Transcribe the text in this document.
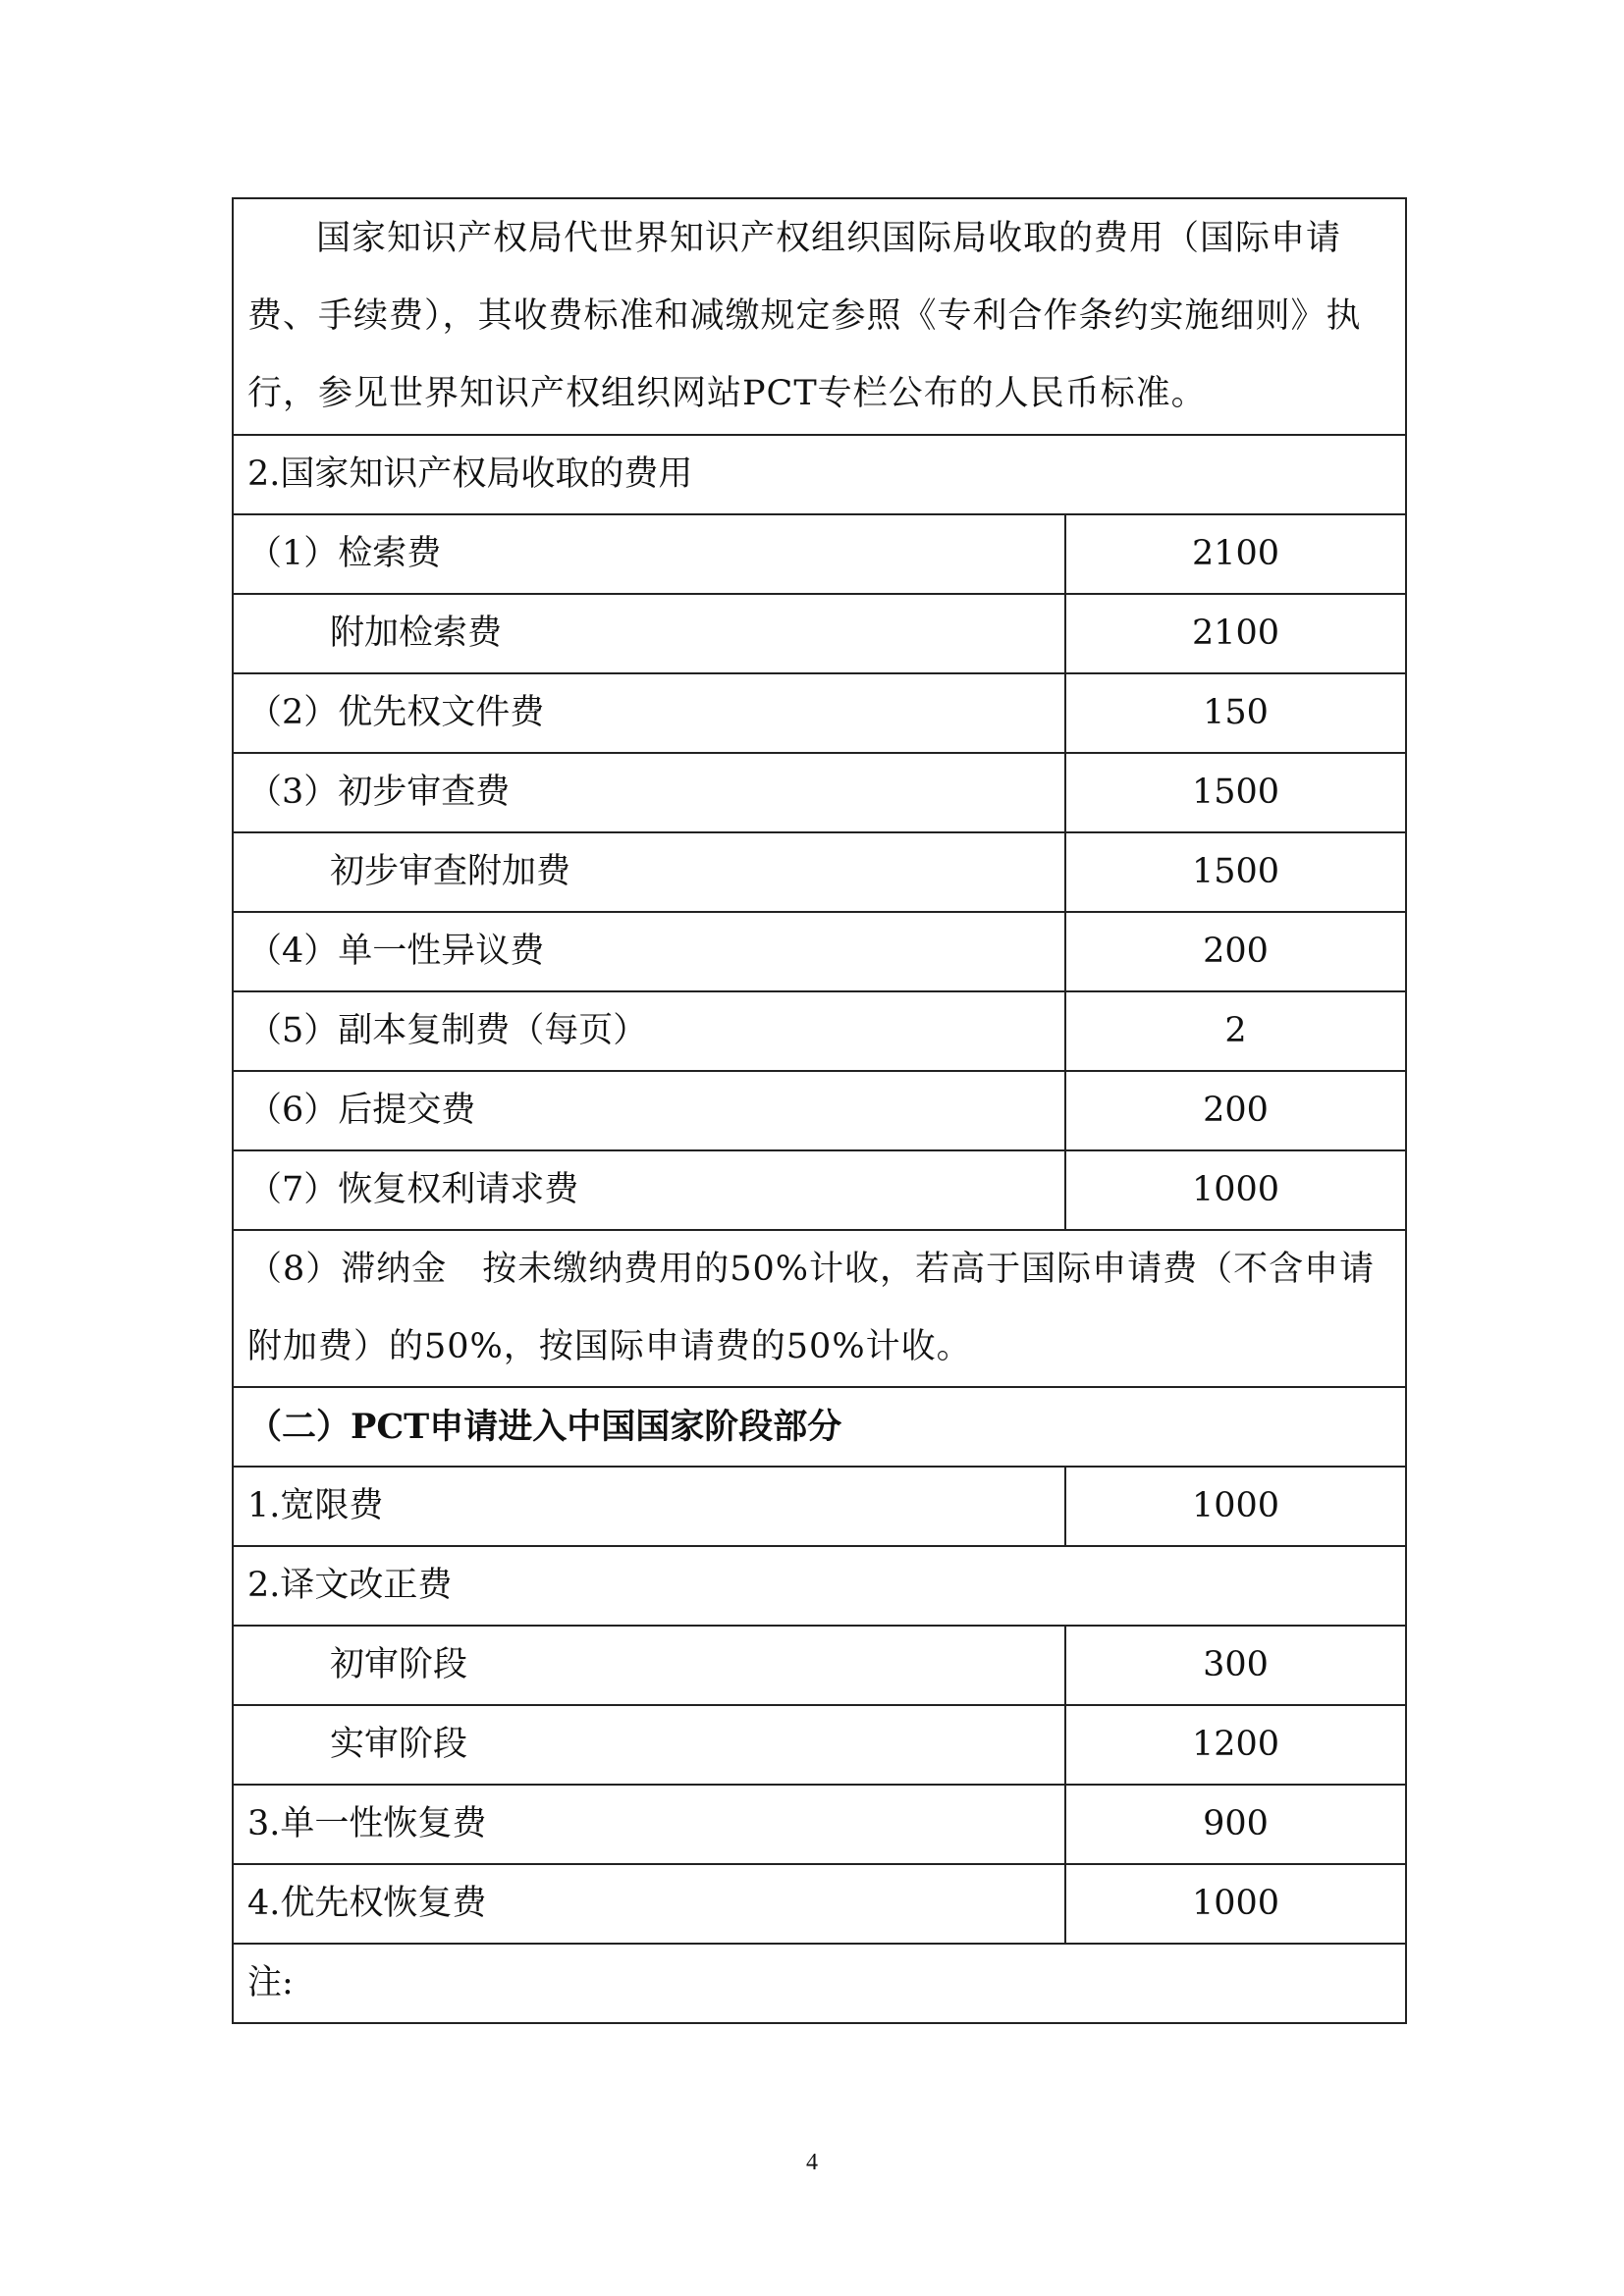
国家知识产权局代世界知识产权组织国际局收取的费用（国际申请费、手续费），其收费标准和减缴规定参照《专利合作条约实施细则》执行，参见世界知识产权组织网站PCT专栏公布的人民币标准。	
2.国家知识产权局收取的费用	
（1）检索费	2100
附加检索费	2100
（2）优先权文件费	150
（3）初步审查费	1500
初步审查附加费	1500
（4）单一性异议费	200
（5）副本复制费（每页）	2
（6）后提交费	200
（7）恢复权利请求费	1000
（8）滞纳金　按未缴纳费用的50%计收，若高于国际申请费（不含申请附加费）的50%，按国际申请费的50%计收。	
（二）PCT申请进入中国国家阶段部分	
1.宽限费	1000
2.译文改正费	
初审阶段	300
实审阶段	1200
3.单一性恢复费	900
4.优先权恢复费	1000
注:	
4
